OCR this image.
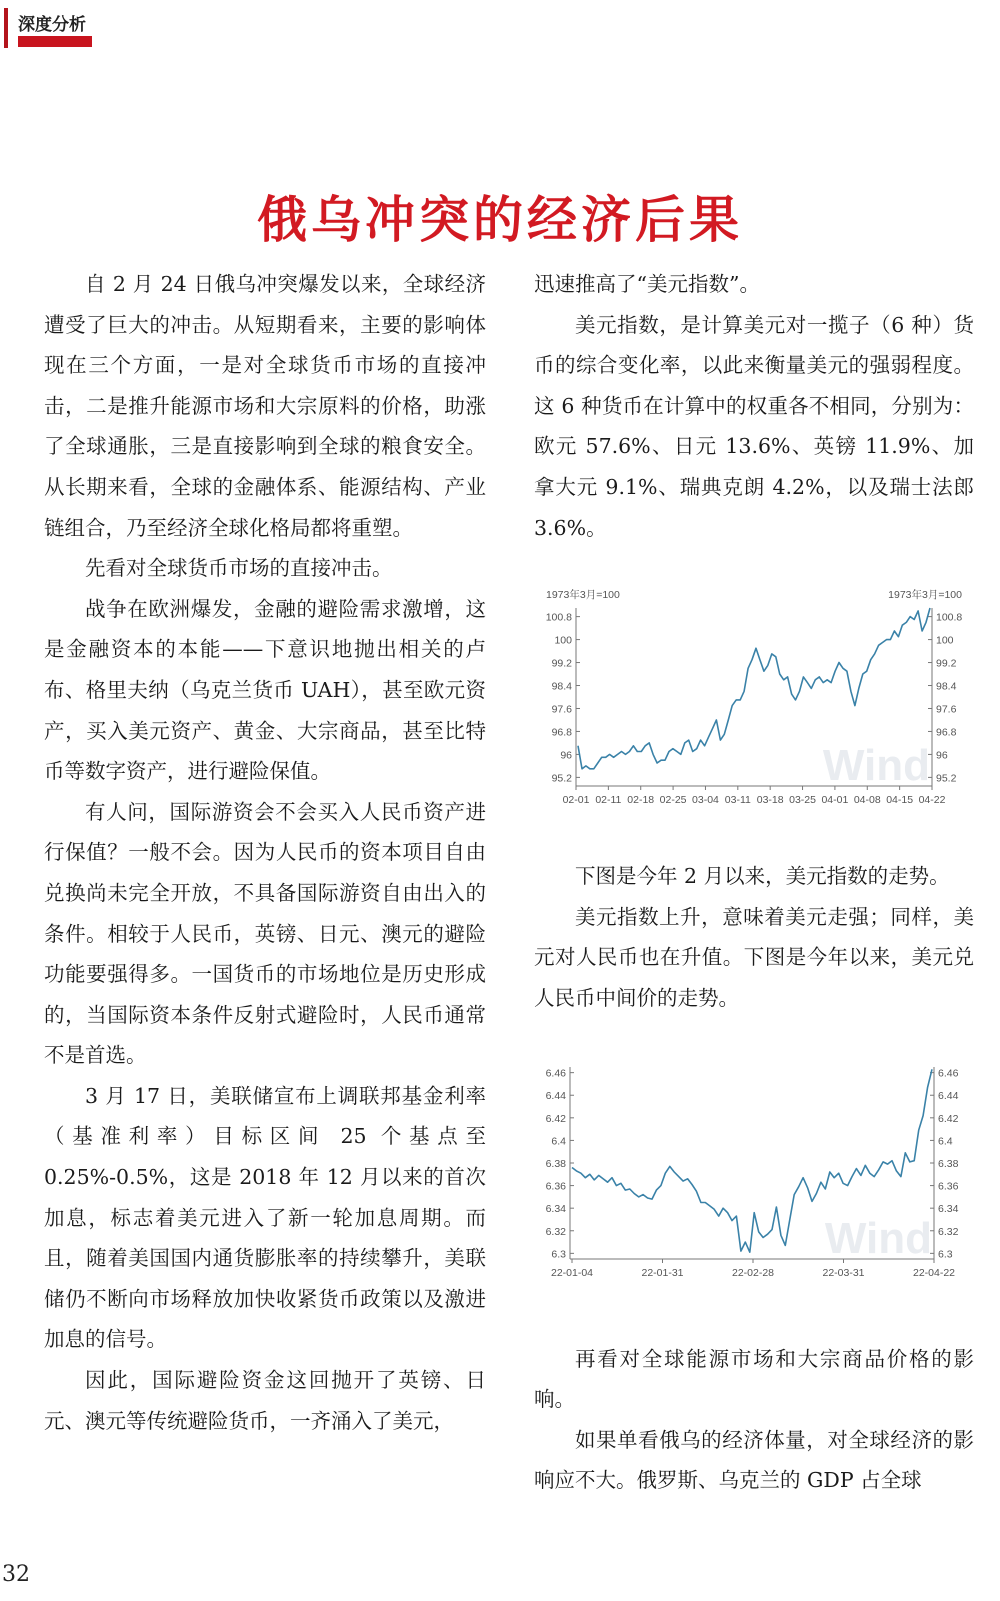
深度分析
俄乌冲突的经济后果

自 2 月 24 日俄乌冲突爆发以来，全球经济遭受了巨大的冲击。从短期看来，主要的影响体现在三个方面，一是对全球货币市场的直接冲击，二是推升能源市场和大宗原料的价格，助涨了全球通胀，三是直接影响到全球的粮食安全。从长期来看，全球的金融体系、能源结构、产业链组合，乃至经济全球化格局都将重塑。

先看对全球货币市场的直接冲击。

战争在欧洲爆发，金融的避险需求激增，这是金融资本的本能——下意识地抛出相关的卢布、格里夫纳（乌克兰货币 UAH），甚至欧元资产，买入美元资产、黄金、大宗商品，甚至比特币等数字资产，进行避险保值。

有人问，国际游资会不会买入人民币资产进行保值？一般不会。因为人民币的资本项目自由兑换尚未完全开放，不具备国际游资自由出入的条件。相较于人民币，英镑、日元、澳元的避险功能要强得多。一国货币的市场地位是历史形成的，当国际资本条件反射式避险时，人民币通常不是首选。

3 月 17 日，美联储宣布上调联邦基金利率（基准利率）目标区间 25 个基点至 0.25%-0.5%，这是 2018 年 12 月以来的首次加息，标志着美元进入了新一轮加息周期。而且，随着美国国内通货膨胀率的持续攀升，美联储仍不断向市场释放加快收紧货币政策以及激进加息的信号。

因此，国际避险资金这回抛开了英镑、日元、澳元等传统避险货币，一齐涌入了美元，

迅速推高了“美元指数”。

美元指数，是计算美元对一揽子（6 种）货币的综合变化率，以此来衡量美元的强弱程度。这 6 种货币在计算中的权重各不相同，分别为：欧元 57.6%、日元 13.6%、英镑 11.9%、加拿大元 9.1%、瑞典克朗 4.2%，以及瑞士法郎 3.6%。

Wind
1973年3月=100	1973年3月=100
95.2	95.2
96	96
96.8	96.8
97.6	97.6
98.4	98.4
99.2	99.2
100	100
100.8	100.8
02-01 02-11 02-18 02-25 03-04 03-11 03-18 03-25 04-01 04-08 04-15 04-22

下图是今年 2 月以来，美元指数的走势。

美元指数上升，意味着美元走强；同样，美元对人民币也在升值。下图是今年以来，美元兑人民币中间价的走势。

Wind
6.3	6.3
6.32	6.32
6.34	6.34
6.36	6.36
6.38	6.38
6.4	6.4
6.42	6.42
6.44	6.44
6.46	6.46
22-01-04	22-01-31	22-02-28	22-03-31	22-04-22

再看对全球能源市场和大宗商品价格的影响。

如果单看俄乌的经济体量，对全球经济的影响应不大。俄罗斯、乌克兰的 GDP 占全球

32
